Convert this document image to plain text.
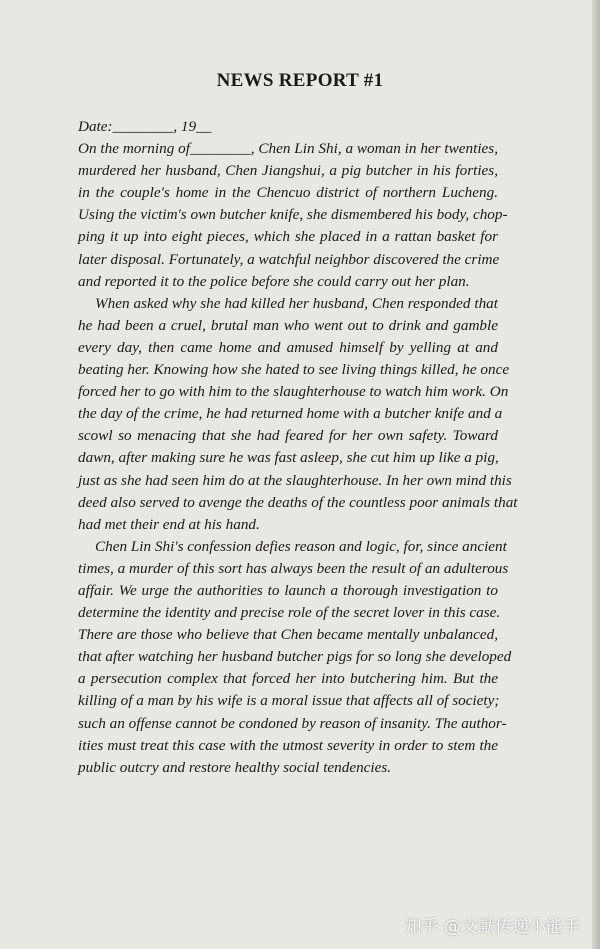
NEWS REPORT #1
Date:________, 19__
On the morning of________, Chen Lin Shi, a woman in her twenties,
murdered her husband, Chen Jiangshui, a pig butcher in his forties,
in the couple's home in the Chencuo district of northern Lucheng.
Using the victim's own butcher knife, she dismembered his body, chop-
ping it up into eight pieces, which she placed in a rattan basket for
later disposal. Fortunately, a watchful neighbor discovered the crime
and reported it to the police before she could carry out her plan.
When asked why she had killed her husband, Chen responded that
he had been a cruel, brutal man who went out to drink and gamble
every day, then came home and amused himself by yelling at and
beating her. Knowing how she hated to see living things killed, he once
forced her to go with him to the slaughterhouse to watch him work. On
the day of the crime, he had returned home with a butcher knife and a
scowl so menacing that she had feared for her own safety. Toward
dawn, after making sure he was fast asleep, she cut him up like a pig,
just as she had seen him do at the slaughterhouse. In her own mind this
deed also served to avenge the deaths of the countless poor animals that
had met their end at his hand.
Chen Lin Shi's confession defies reason and logic, for, since ancient
times, a murder of this sort has always been the result of an adulterous
affair. We urge the authorities to launch a thorough investigation to
determine the identity and precise role of the secret lover in this case.
There are those who believe that Chen became mentally unbalanced,
that after watching her husband butcher pigs for so long she developed
a persecution complex that forced her into butchering him. But the
killing of a man by his wife is a moral issue that affects all of society;
such an offense cannot be condoned by reason of insanity. The author-
ities must treat this case with the utmost severity in order to stem the
public outcry and restore healthy social tendencies.
知乎 @文献传递小能手
